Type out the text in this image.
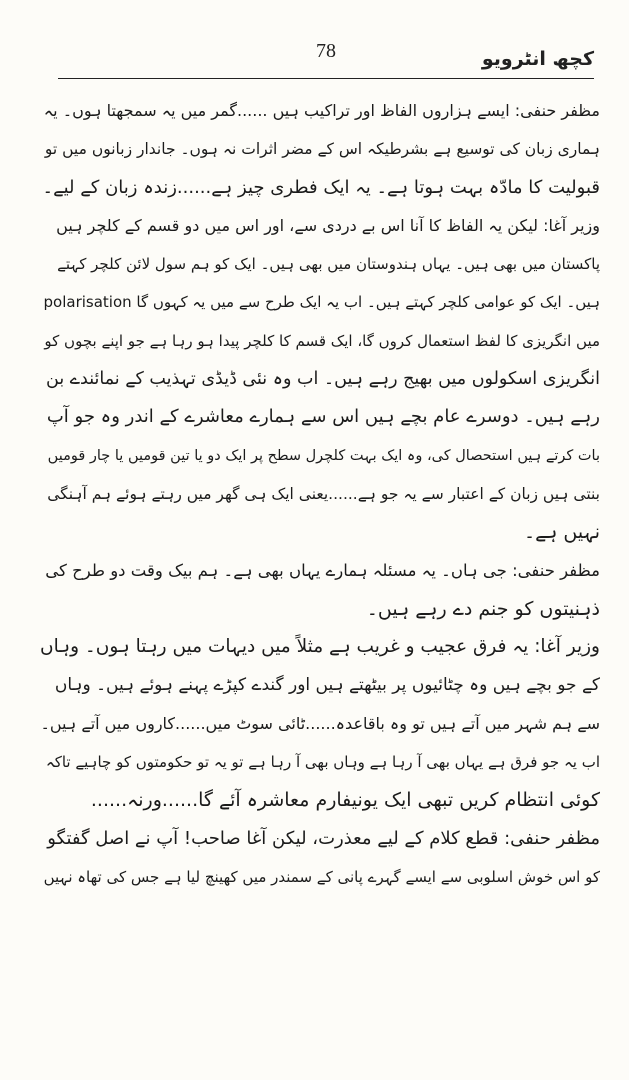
78	کچھ انٹرویو
مظفر حنفی: ایسے ہزاروں الفاظ اور تراکیب ہیں ......گمر میں یہ سمجھتا ہوں۔ یہ
ہماری زبان کی توسیع ہے بشرطیکہ اس کے مضر اثرات نہ ہوں۔ جاندار زبانوں میں تو
قبولیت کا مادّہ بہت ہوتا ہے۔ یہ ایک فطری چیز ہے......زندہ زبان کے لیے۔
وزیر آغا: لیکن یہ الفاظ کا آنا اس بے دردی سے، اور اس میں دو قسم کے کلچر ہیں
پاکستان میں بھی ہیں۔ یہاں ہندوستان میں بھی ہیں۔ ایک کو ہم سول لائن کلچر کہتے
ہیں۔ ایک کو عوامی کلچر کہتے ہیں۔ اب یہ ایک طرح سے میں یہ کہوں گا polarisation
میں انگریزی کا لفظ استعمال کروں گا، ایک قسم کا کلچر پیدا ہو رہا ہے جو اپنے بچوں کو
انگریزی اسکولوں میں بھیج رہے ہیں۔ اب وہ نئی ڈیڈی تہذیب کے نمائندے بن
رہے ہیں۔ دوسرے عام بچے ہیں اس سے ہمارے معاشرے کے اندر وہ جو آپ
بات کرتے ہیں استحصال کی، وہ ایک بہت کلچرل سطح پر ایک دو یا تین قومیں یا چار قومیں
بنتی ہیں زبان کے اعتبار سے یہ جو ہے......یعنی ایک ہی گھر میں رہتے ہوئے ہم آہنگی
نہیں ہے۔
مظفر حنفی: جی ہاں۔ یہ مسئلہ ہمارے یہاں بھی ہے۔ ہم بیک وقت دو طرح کی
ذہنیتوں کو جنم دے رہے ہیں۔
وزیر آغا: یہ فرق عجیب و غریب ہے مثلاً میں دیہات میں رہتا ہوں۔ وہاں
کے جو بچے ہیں وہ چٹائیوں پر بیٹھتے ہیں اور گندے کپڑے پہنے ہوئے ہیں۔ وہاں
سے ہم شہر میں آتے ہیں تو وہ باقاعدہ......ٹائی سوٹ میں......کاروں میں آتے ہیں۔
اب یہ جو فرق ہے یہاں بھی آ رہا ہے وہاں بھی آ رہا ہے تو یہ تو حکومتوں کو چاہیے تاکہ
کوئی انتظام کریں تبھی ایک یونیفارم معاشرہ آئے گا......ورنہ......
مظفر حنفی: قطع کلام کے لیے معذرت، لیکن آغا صاحب! آپ نے اصل گفتگو
کو اس خوش اسلوبی سے ایسے گہرے پانی کے سمندر میں کھینچ لیا ہے جس کی تھاہ نہیں
